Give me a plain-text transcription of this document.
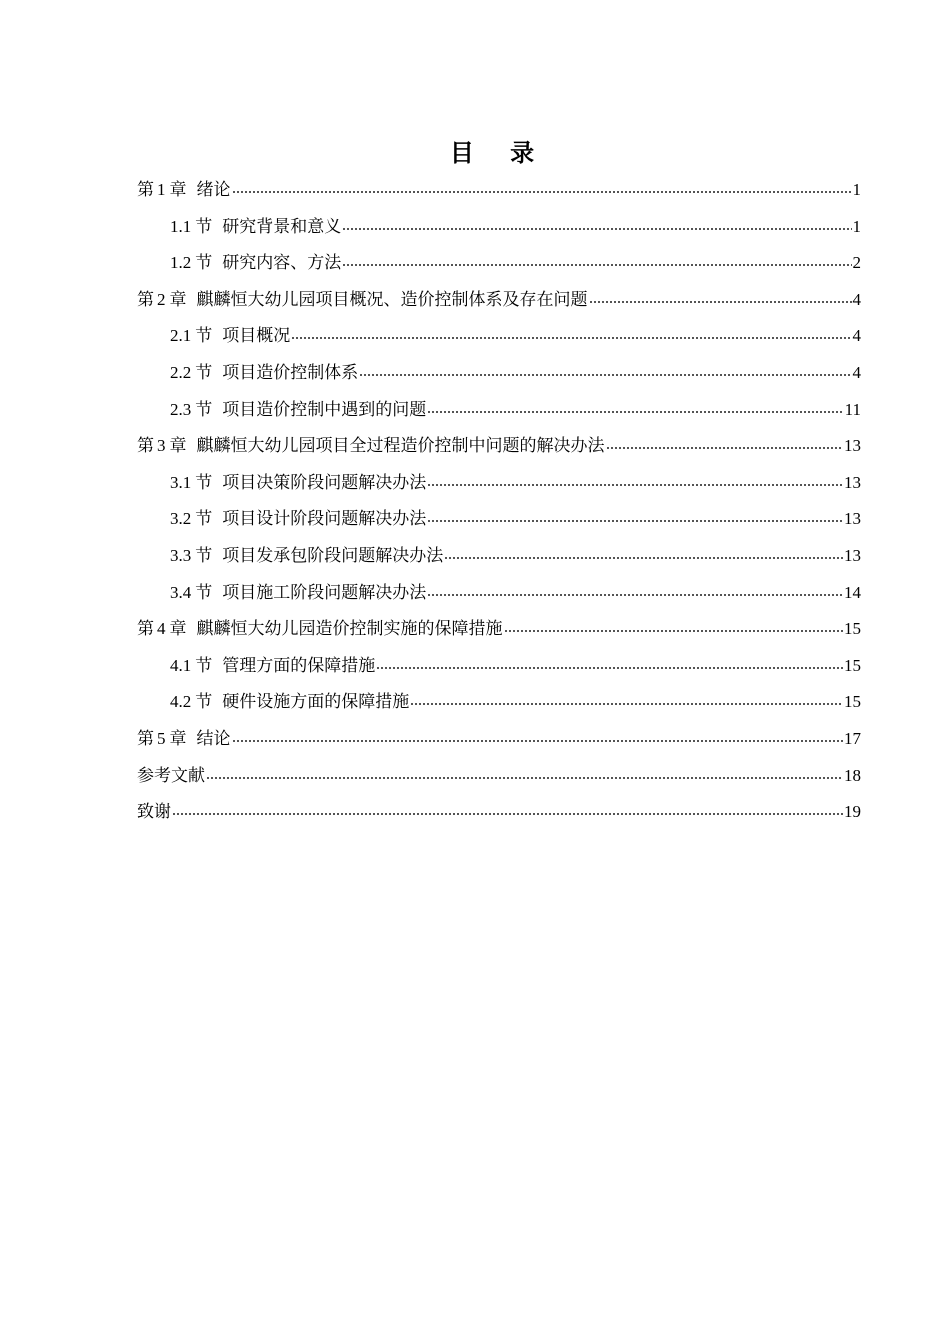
目 录
第 1 章 绪论	1
1.1 节 研究背景和意义	1
1.2 节 研究内容、方法	2
第 2 章 麒麟恒大幼儿园项目概况、造价控制体系及存在问题	4
2.1 节 项目概况	4
2.2 节 项目造价控制体系	4
2.3 节 项目造价控制中遇到的问题	11
第 3 章 麒麟恒大幼儿园项目全过程造价控制中问题的解决办法	13
3.1 节 项目决策阶段问题解决办法	13
3.2 节 项目设计阶段问题解决办法	13
3.3 节 项目发承包阶段问题解决办法	13
3.4 节 项目施工阶段问题解决办法	14
第 4 章 麒麟恒大幼儿园造价控制实施的保障措施	15
4.1 节 管理方面的保障措施	15
4.2 节 硬件设施方面的保障措施	15
第 5 章 结论	17
参考文献	18
致谢	19
